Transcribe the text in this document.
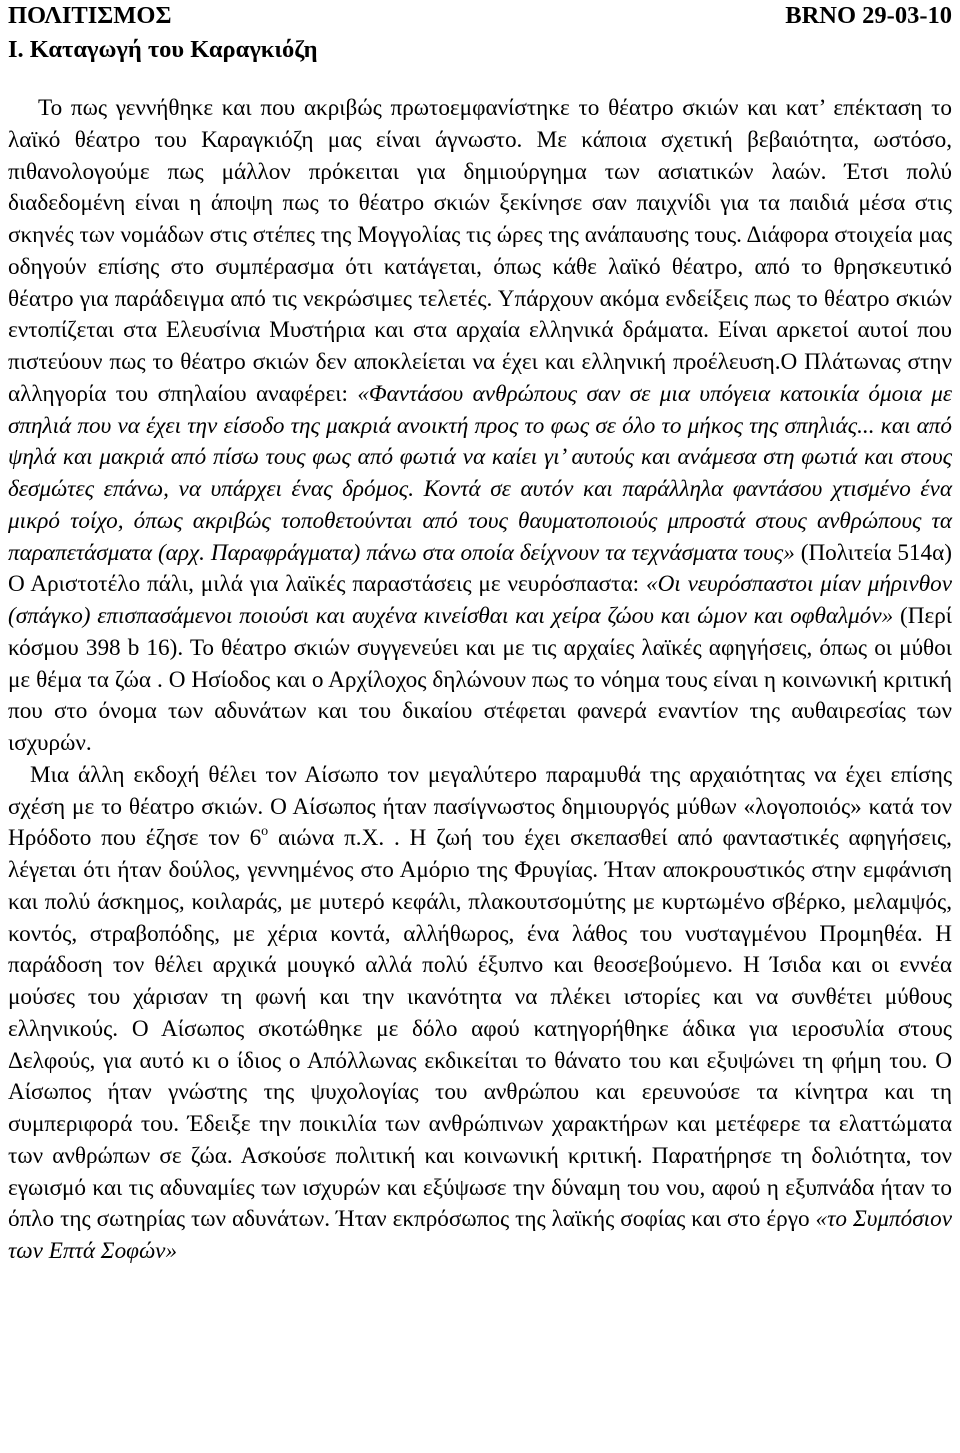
ΠΟΛΙΤΙΣΜΟΣ	BRNO 29-03-10
Ι. Καταγωγή του Καραγκιόζη

Το πως γεννήθηκε και που ακριβώς πρωτοεμφανίστηκε το θέατρο σκιών και κατ’ επέκταση το λαϊκό θέατρο του Καραγκιόζη μας είναι άγνωστο. Με κάποια σχετική βεβαιότητα, ωστόσο, πιθανολογούμε πως μάλλον πρόκειται για δημιούργημα των ασιατικών λαών. Έτσι πολύ διαδεδομένη είναι η άποψη πως το θέατρο σκιών ξεκίνησε σαν παιχνίδι για τα παιδιά μέσα στις σκηνές των νομάδων στις στέπες της Μογγολίας τις ώρες της ανάπαυσης τους. Διάφορα στοιχεία μας οδηγούν επίσης στο συμπέρασμα ότι κατάγεται, όπως κάθε λαϊκό θέατρο, από το θρησκευτικό θέατρο για παράδειγμα από τις νεκρώσιμες τελετές. Υπάρχουν ακόμα ενδείξεις πως το θέατρο σκιών εντοπίζεται στα Ελευσίνια Μυστήρια και στα αρχαία ελληνικά δράματα. Είναι αρκετοί αυτοί που πιστεύουν πως το θέατρο σκιών δεν αποκλείεται να έχει και ελληνική προέλευση.Ο Πλάτωνας στην αλληγορία του σπηλαίου αναφέρει: «Φαντάσου ανθρώπους σαν σε μια υπόγεια κατοικία όμοια με σπηλιά που να έχει την είσοδο της μακριά ανοικτή προς το φως σε όλο το μήκος της σπηλιάς... και από ψηλά και μακριά από πίσω τους φως από φωτιά να καίει γι’ αυτούς και ανάμεσα στη φωτιά και στους δεσμώτες επάνω, να υπάρχει ένας δρόμος. Κοντά σε αυτόν και παράλληλα φαντάσου χτισμένο ένα μικρό τοίχο, όπως ακριβώς τοποθετούνται από τους θαυματοποιούς μπροστά στους ανθρώπους τα παραπετάσματα (αρχ. Παραφράγματα) πάνω στα οποία δείχνουν τα τεχνάσματα τους» (Πολιτεία 514α) Ο Αριστοτέλο πάλι, μιλά για λαϊκές παραστάσεις με νευρόσπαστα: «Οι νευρόσπαστοι μίαν μήρινθον (σπάγκο) επισπασάμενοι ποιούσι και αυχένα κινείσθαι και χείρα ζώου και ώμον και οφθαλμόν» (Περί κόσμου 398 b 16). Το θέατρο σκιών συγγενεύει και με τις αρχαίες λαϊκές αφηγήσεις, όπως οι μύθοι με θέμα τα ζώα . Ο Ησίοδος και ο Αρχίλοχος δηλώνουν πως το νόημα τους είναι η κοινωνική κριτική που στο όνομα των αδυνάτων και του δικαίου στέφεται φανερά εναντίον της αυθαιρεσίας των ισχυρών.

Μια άλλη εκδοχή θέλει τον Αίσωπο τον μεγαλύτερο παραμυθά της αρχαιότητας να έχει επίσης σχέση με το θέατρο σκιών. Ο Αίσωπος ήταν πασίγνωστος δημιουργός μύθων «λογοποιός» κατά τον Ηρόδοτο που έζησε τον $6^o$ αιώνα π.Χ. . Η ζωή του έχει σκεπασθεί από φανταστικές αφηγήσεις, λέγεται ότι ήταν δούλος, γεννημένος στο Αμόριο της Φρυγίας. Ήταν αποκρουστικός στην εμφάνιση και πολύ άσκημος, κοιλαράς, με μυτερό κεφάλι, πλακουτσομύτης με κυρτωμένο σβέρκο, μελαμψός, κοντός, στραβοπόδης, με χέρια κοντά, αλλήθωρος, ένα λάθος του νυσταγμένου Προμηθέα. Η παράδοση τον θέλει αρχικά μουγκό αλλά πολύ έξυπνο και θεοσεβούμενο. Η Ίσιδα και οι εννέα μούσες του χάρισαν τη φωνή και την ικανότητα να πλέκει ιστορίες και να συνθέτει μύθους ελληνικούς. Ο Αίσωπος σκοτώθηκε με δόλο αφού κατηγορήθηκε άδικα για ιεροσυλία στους Δελφούς, για αυτό κι ο ίδιος ο Απόλλωνας εκδικείται το θάνατο του και εξυψώνει τη φήμη του. Ο Αίσωπος ήταν γνώστης της ψυχολογίας του ανθρώπου και ερευνούσε τα κίνητρα και τη συμπεριφορά του. Έδειξε την ποικιλία των ανθρώπινων χαρακτήρων και μετέφερε τα ελαττώματα των ανθρώπων σε ζώα. Ασκούσε πολιτική και κοινωνική κριτική. Παρατήρησε τη δολιότητα, τον εγωισμό και τις αδυναμίες των ισχυρών και εξύψωσε την δύναμη του νου, αφού η εξυπνάδα ήταν το όπλο της σωτηρίας των αδυνάτων. Ήταν εκπρόσωπος της λαϊκής σοφίας και στο έργο «το Συμπόσιον των Επτά Σοφών»
